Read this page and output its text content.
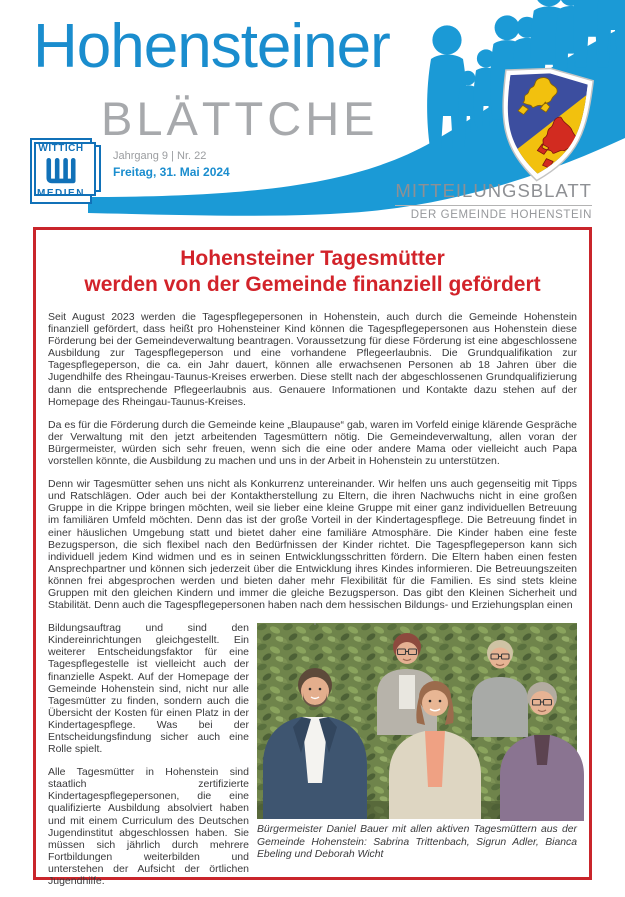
Hohensteiner
BLÄTTCHE
WITTICH
MEDIEN
Jahrgang 9 | Nr. 22
Freitag, 31. Mai 2024
MITTEILUNGSBLATT
DER GEMEINDE HOHENSTEIN
Hohensteiner Tagesmütter
werden von der Gemeinde finanziell gefördert

Seit August 2023 werden die Tagespflegepersonen in Hohenstein, auch durch die Gemeinde Hohenstein finanziell gefördert, dass heißt pro Hohensteiner Kind können die Tagespflegepersonen aus Hohenstein diese Förderung bei der Gemeindeverwaltung beantragen. Voraussetzung für diese Förderung ist eine abgeschlossene Ausbildung zur Tagespflegeperson und eine vorhandene Pflegeerlaubnis. Die Grundqualifikation zur Tagespflegeperson, die ca. ein Jahr dauert, können alle erwachsenen Personen ab 18 Jahren über die Jugendhilfe des Rheingau-Taunus-Kreises erwerben. Diese stellt nach der abgeschlossenen Grundqualifizierung dann die entsprechende Pflegeerlaubnis aus. Genauere Informationen und Kontakte dazu stehen auf der Homepage des Rheingau-Taunus-Kreises.

Da es für die Förderung durch die Gemeinde keine „Blaupause“ gab, waren im Vorfeld einige klärende Gespräche der Verwaltung mit den jetzt arbeitenden Tagesmüttern nötig. Die Gemeindeverwaltung, allen voran der Bürgermeister, würden sich sehr freuen, wenn sich die eine oder andere Mama oder vielleicht auch Papa vorstellen könnte, die Ausbildung zu machen und uns in der Arbeit in Hohenstein zu unterstützen.

Denn wir Tagesmütter sehen uns nicht als Konkurrenz untereinander. Wir helfen uns auch gegenseitig mit Tipps und Ratschlägen. Oder auch bei der Kontaktherstellung zu Eltern, die ihren Nachwuchs nicht in eine großen Gruppe in die Krippe bringen möchten, weil sie lieber eine kleine Gruppe mit einer ganz individuellen Betreuung im familiären Umfeld möchten. Denn das ist der große Vorteil in der Kindertagespflege. Die Betreuung findet in einer häuslichen Umgebung statt und bietet daher eine familiäre Atmosphäre. Die Kinder haben eine feste Bezugsperson, die sich flexibel nach den Bedürfnissen der Kinder richtet. Die Tagespflegeperson kann sich individuell jedem Kind widmen und es in seinen Entwicklungsschritten fördern. Die Eltern haben einen festen Ansprechpartner und können sich jederzeit über die Entwicklung ihres Kindes informieren. Die Betreuungszeiten können frei abgesprochen werden und bieten daher mehr Flexibilität für die Familien. Es sind stets kleine Gruppen mit den gleichen Kindern und immer die gleiche Bezugsperson. Das gibt den Kleinen Sicherheit und Stabilität. Denn auch die Tagespflegepersonen haben nach dem hessischen Bildungs- und Erziehungsplan einen

Bürgermeister Daniel Bauer mit allen aktiven Tagesmüttern aus der Gemeinde Hohenstein: Sabrina Trittenbach, Sigrun Adler, Bianca Ebeling und Deborah Wicht

Bildungsauftrag und sind den Kindereinrichtungen gleichgestellt. Ein weiterer Entscheidungsfaktor für eine Tagespflegestelle ist vielleicht auch der finanzielle Aspekt. Auf der Homepage der Gemeinde Hohenstein sind, nicht nur alle Tagesmütter zu finden, sondern auch die Übersicht der Kosten für einen Platz in der Kindertagespflege. Was bei der Entscheidungsfindung sicher auch eine Rolle spielt.

Alle Tagesmütter in Hohenstein sind staatlich zertifizierte Kindertagespflegepersonen, die eine qualifizierte Ausbildung absolviert haben und mit einem Curriculum des Deutschen Jugendinstitut abgeschlossen haben. Sie müssen sich jährlich durch mehrere Fortbildungen weiterbilden und unterstehen der Aufsicht der örtlichen Jugendhilfe.
